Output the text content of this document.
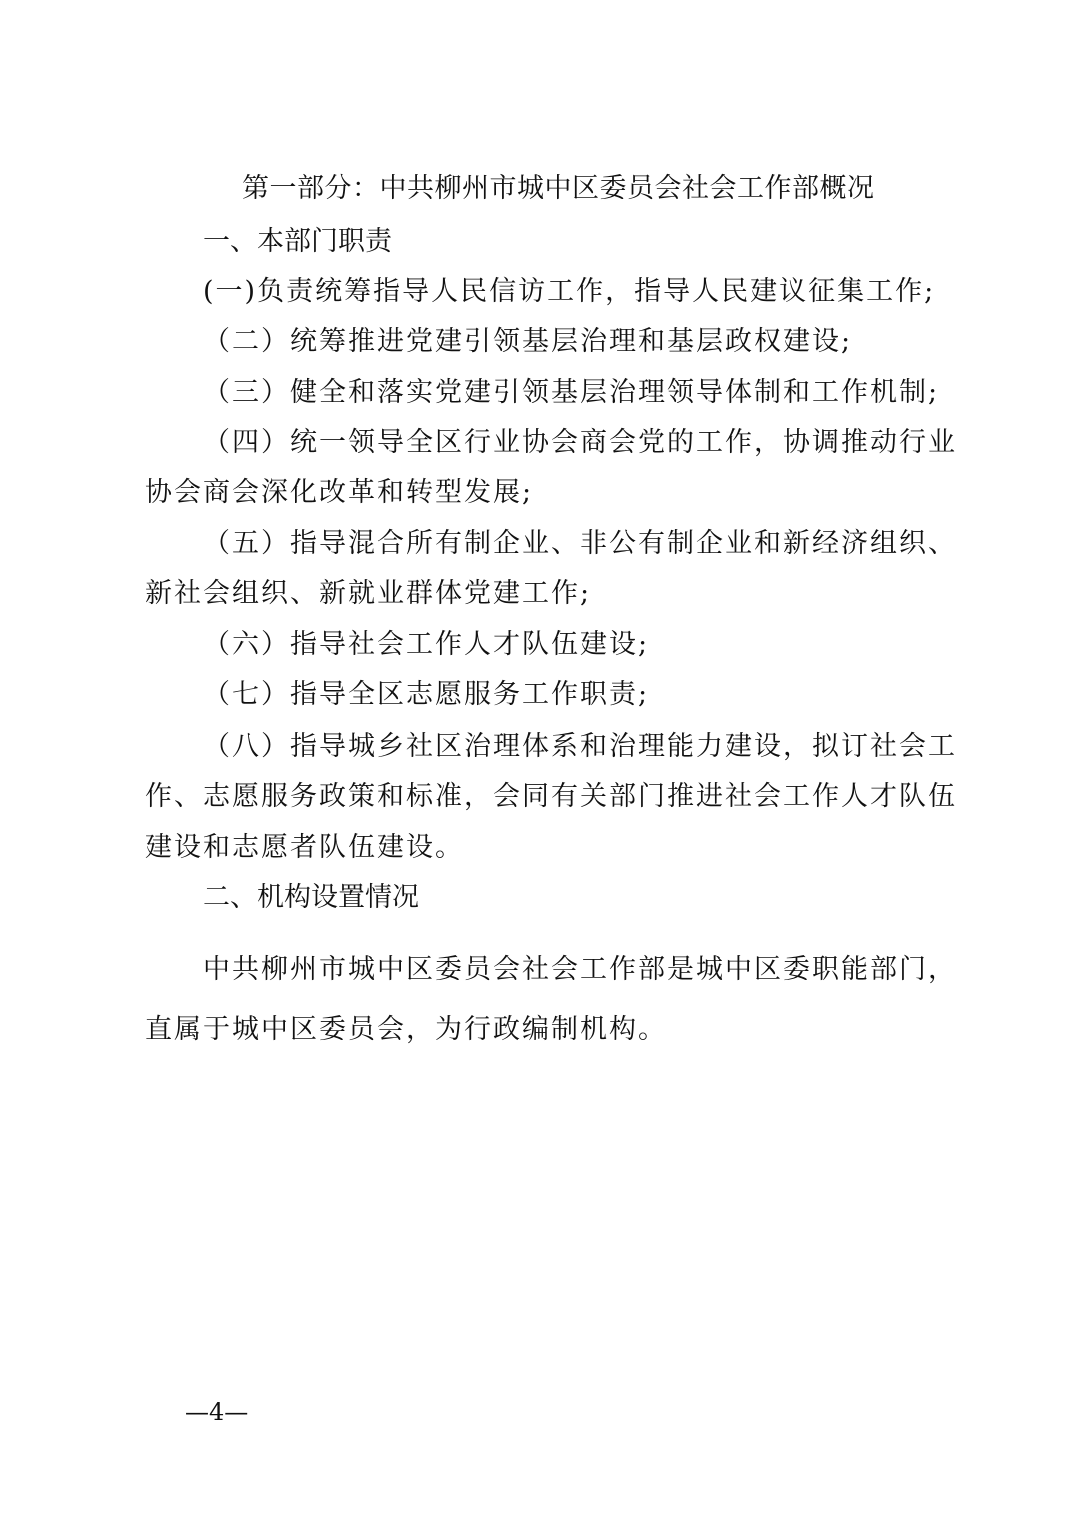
第一部分：中共柳州市城中区委员会社会工作部概况
一、本部门职责
(一)负责统筹指导人民信访工作，指导人民建议征集工作;
（二）统筹推进党建引领基层治理和基层政权建设;
（三）健全和落实党建引领基层治理领导体制和工作机制;
（四）统一领导全区行业协会商会党的工作，协调推动行业
协会商会深化改革和转型发展;
（五）指导混合所有制企业、非公有制企业和新经济组织、
新社会组织、新就业群体党建工作;
（六）指导社会工作人才队伍建设;
（七）指导全区志愿服务工作职责;
（八）指导城乡社区治理体系和治理能力建设，拟订社会工
作、志愿服务政策和标准，会同有关部门推进社会工作人才队伍
建设和志愿者队伍建设。
二、机构设置情况
中共柳州市城中区委员会社会工作部是城中区委职能部门，
直属于城中区委员会，为行政编制机构。
—4—
